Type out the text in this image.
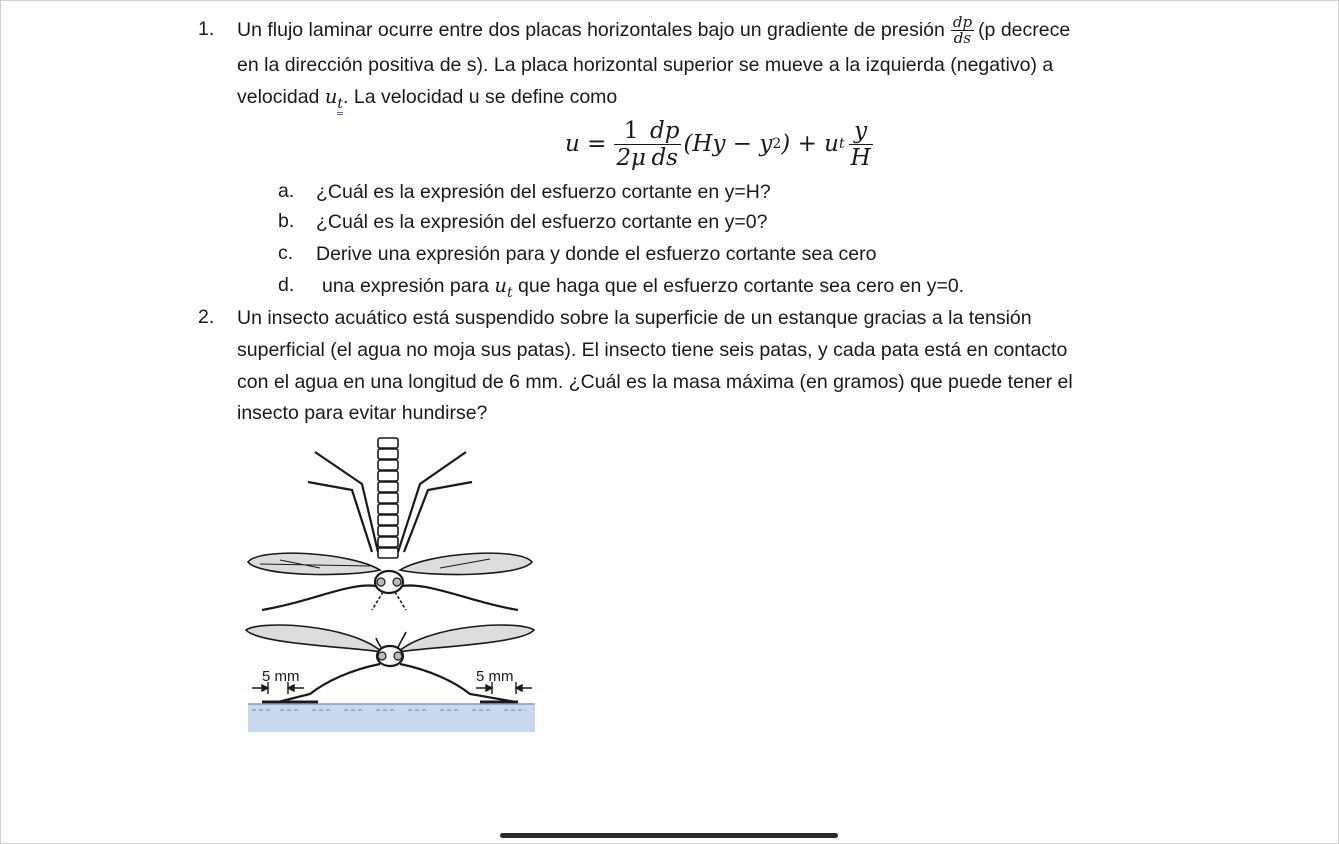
1. Un flujo laminar ocurre entre dos placas horizontales bajo un gradiente de presión $\frac{dp}{ds} (p$ decrece
en la dirección positiva de s). La placa horizontal superior se mueve a la izquierda (negativo) a
velocidad $u_t$. La velocidad u se define como
$u = \frac{1}{2\mu} \frac{dp}{ds} (Hy - y$ 2 ) + u t $\frac{y}{H}$
a. ¿Cuál es la expresión del esfuerzo cortante en y=H?
b. ¿Cuál es la expresión del esfuerzo cortante en y=0?
c. Derive una expresión para y donde el esfuerzo cortante sea cero
d. una expresión para $u_t$ que haga que el esfuerzo cortante sea cero en y=0.
2. Un insecto acuático está suspendido sobre la superficie de un estanque gracias a la tensión
superficial (el agua no moja sus patas). El insecto tiene seis patas, y cada pata está en contacto
con el agua en una longitud de 6 mm. ¿Cuál es la masa máxima (en gramos) que puede tener el
insecto para evitar hundirse?
5 mm	5 mm
